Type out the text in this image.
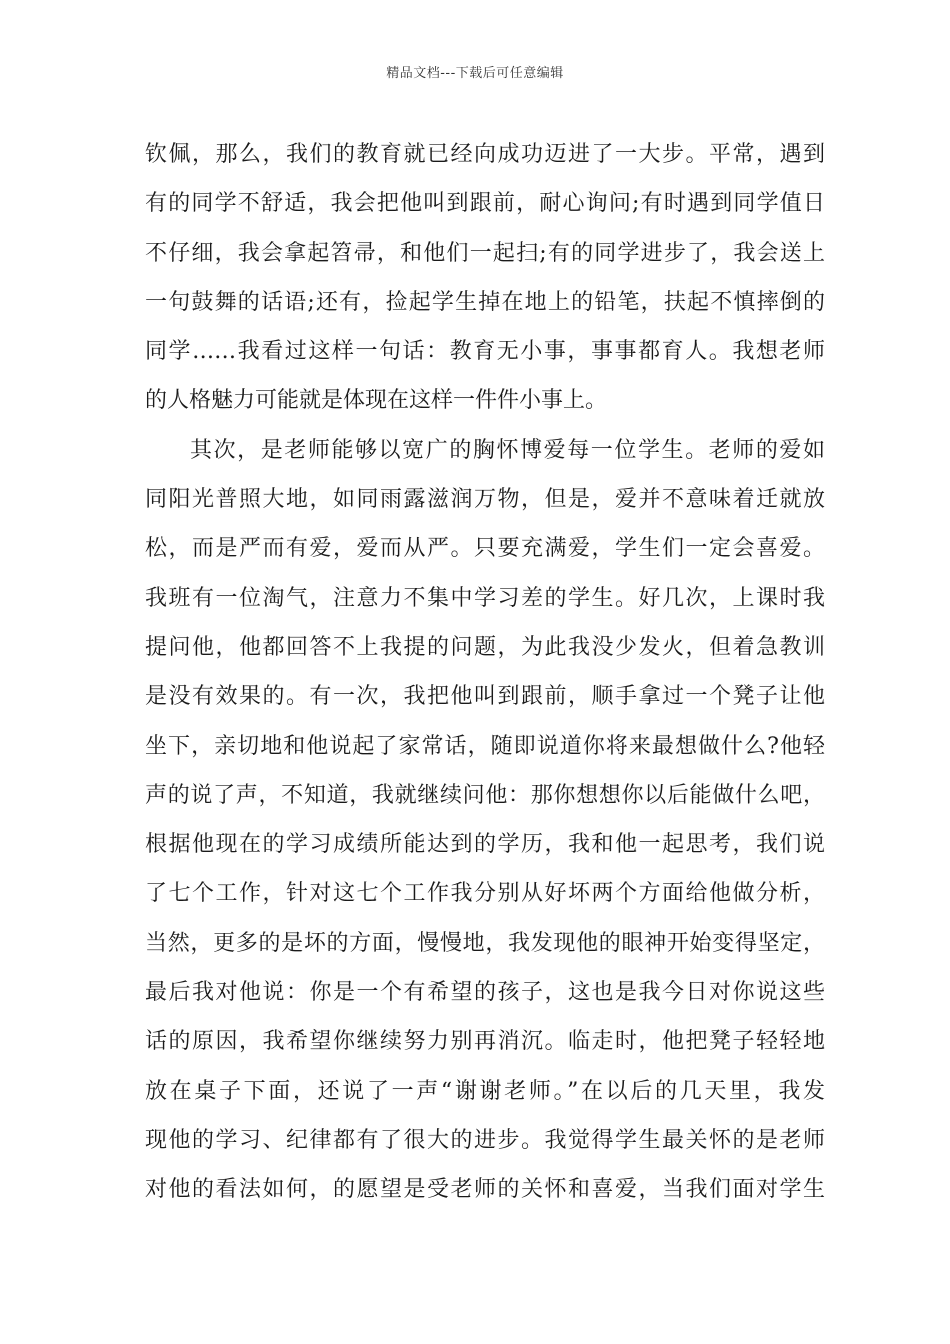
精品文档---下载后可任意编辑
钦佩，那么，我们的教育就已经向成功迈进了一大步。平常，遇到
有的同学不舒适，我会把他叫到跟前，耐心询问;有时遇到同学值日
不仔细，我会拿起笤帚，和他们一起扫;有的同学进步了，我会送上
一句鼓舞的话语;还有，捡起学生掉在地上的铅笔，扶起不慎摔倒的
同学……我看过这样一句话：教育无小事，事事都育人。我想老师
的人格魅力可能就是体现在这样一件件小事上。
其次，是老师能够以宽广的胸怀博爱每一位学生。老师的爱如
同阳光普照大地，如同雨露滋润万物，但是，爱并不意味着迁就放
松，而是严而有爱，爱而从严。只要充满爱，学生们一定会喜爱。
我班有一位淘气，注意力不集中学习差的学生。好几次，上课时我
提问他，他都回答不上我提的问题，为此我没少发火，但着急教训
是没有效果的。有一次，我把他叫到跟前，顺手拿过一个凳子让他
坐下，亲切地和他说起了家常话，随即说道你将来最想做什么?他轻
声的说了声，不知道，我就继续问他：那你想想你以后能做什么吧，
根据他现在的学习成绩所能达到的学历，我和他一起思考，我们说
了七个工作，针对这七个工作我分别从好坏两个方面给他做分析，
当然，更多的是坏的方面，慢慢地，我发现他的眼神开始变得坚定，
最后我对他说：你是一个有希望的孩子，这也是我今日对你说这些
话的原因，我希望你继续努力别再消沉。临走时，他把凳子轻轻地
放在桌子下面，还说了一声“谢谢老师。”在以后的几天里，我发
现他的学习、纪律都有了很大的进步。我觉得学生最关怀的是老师
对他的看法如何，的愿望是受老师的关怀和喜爱，当我们面对学生
